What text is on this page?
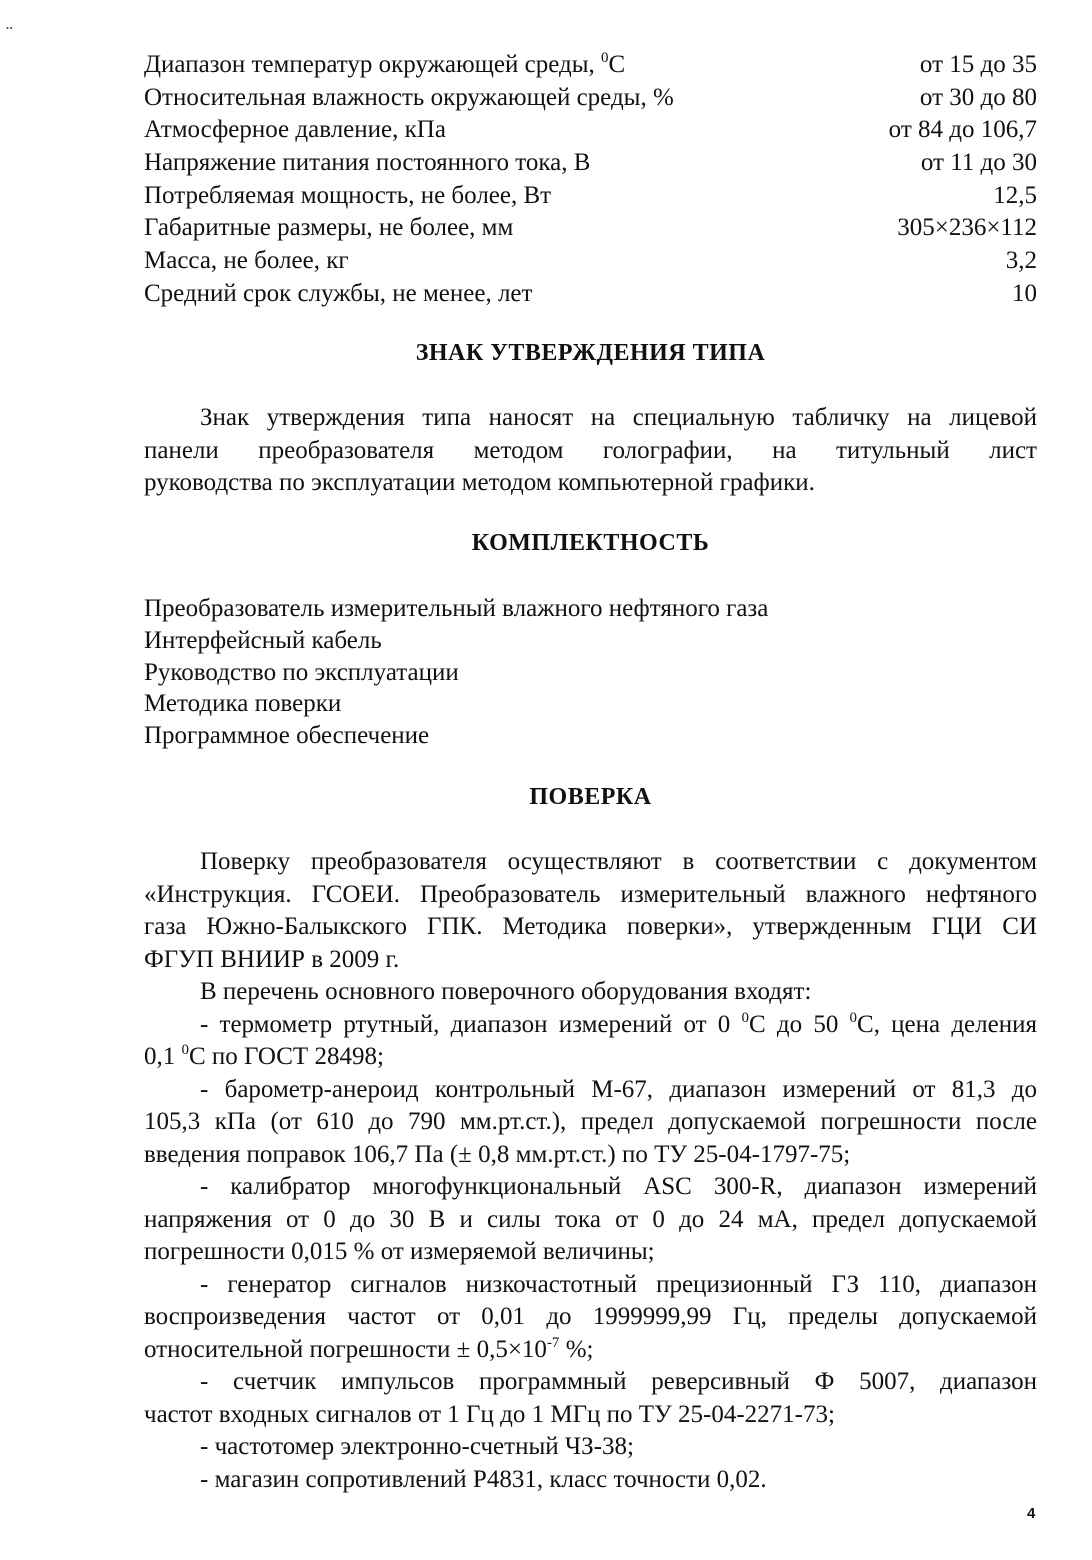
¨
Диапазон температур окружающей среды, $^0$С	от 15 до 35
Относительная влажность окружающей среды, %	от 30 до 80
Атмосферное давление, кПа	от 84 до 106,7
Напряжение питания постоянного тока, В	от 11 до 30
Потребляемая мощность, не более, Вт	12,5
Габаритные размеры, не более, мм	305×236×112
Масса, не более, кг	3,2
Средний срок службы, не менее, лет	10
ЗНАК УТВЕРЖДЕНИЯ ТИПА
Знак утверждения типа наносят на специальную табличку на лицевой
панели преобразователя методом голографии, на титульный лист
руководства по эксплуатации методом компьютерной графики.
КОМПЛЕКТНОСТЬ
Преобразователь измерительный влажного нефтяного газа
Интерфейсный кабель
Руководство по эксплуатации
Методика поверки
Программное обеспечение
ПОВЕРКА
Поверку преобразователя осуществляют в соответствии с документом
«Инструкция. ГСОЕИ. Преобразователь измерительный влажного нефтяного
газа Южно-Балыкского ГПК. Методика поверки», утвержденным ГЦИ СИ
ФГУП ВНИИР в 2009 г.
В перечень основного поверочного оборудования входят:
- термометр ртутный, диапазон измерений от 0 $^0$С до 50 $^0$С, цена деления
0,1 $^0$С по ГОСТ 28498;
- барометр-анероид контрольный М-67, диапазон измерений от 81,3 до
105,3 кПа (от 610 до 790 мм.рт.ст.), предел допускаемой погрешности после
введения поправок 106,7 Па (± 0,8 мм.рт.ст.) по ТУ 25-04-1797-75;
- калибратор многофункциональный ASC 300-R, диапазон измерений
напряжения от 0 до 30 В и силы тока от 0 до 24 мА, предел допускаемой
погрешности 0,015 % от измеряемой величины;
- генератор сигналов низкочастотный прецизионный ГЗ 110, диапазон
воспроизведения частот от 0,01 до 1999999,99 Гц, пределы допускаемой
относительной погрешности ± $0,5\times 10^{-7}$ %;
- счетчик импульсов программный реверсивный Ф 5007, диапазон
частот входных сигналов от 1 Гц до 1 МГц по ТУ 25-04-2271-73;
- частотомер электронно-счетный ЧЗ-38;
- магазин сопротивлений Р4831, класс точности 0,02.
4
